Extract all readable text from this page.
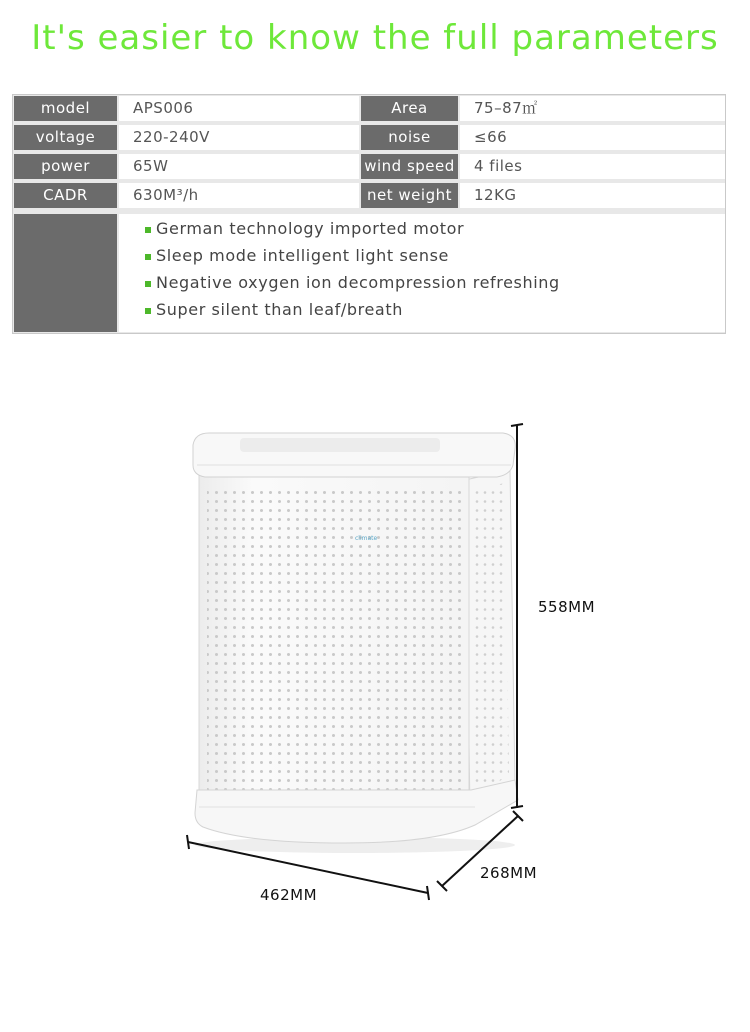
It's easier to know the full parameters
model	APS006	Area	75–87㎡
voltage	220-240V	noise	≤66
power	65W	wind speed	4 files
CADR	630M³/h	net weight	12KG
German technology imported motor
Sleep mode intelligent light sense
Negative oxygen ion decompression refreshing
Super silent than leaf/breath
climate
558MM
462MM
268MM
